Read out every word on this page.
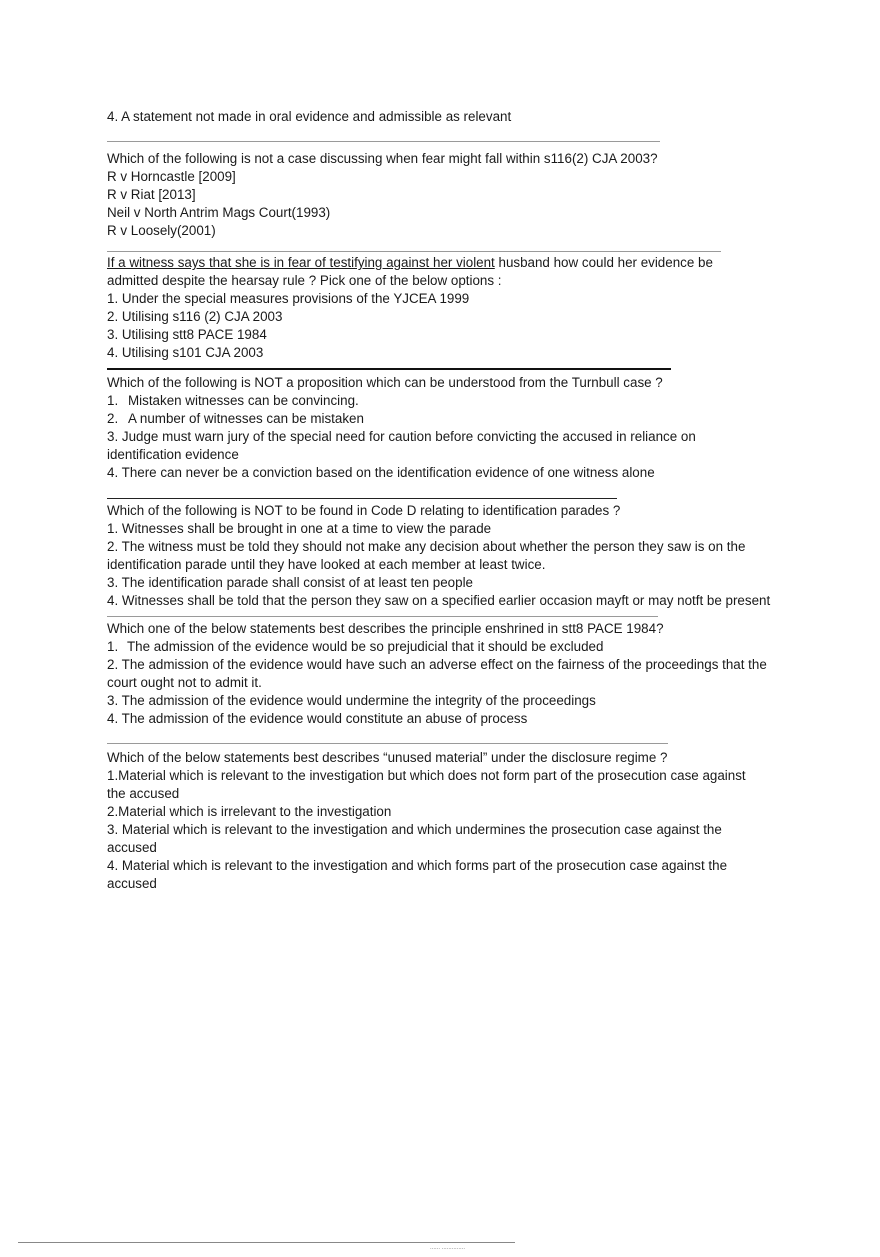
4. A statement not made in oral evidence and admissible as relevant
Which of the following is not a case discussing when fear might fall within s116(2) CJA 2003?
R v Horncastle [2009]
R v Riat [2013]
Neil v North Antrim Mags Court(1993)
R v Loosely(2001)
If a witness says that she is in fear of testifying against her violent husband how could her evidence be
admitted despite the hearsay rule ? Pick one of the below options :
1. Under the special measures provisions of the YJCEA 1999
2. Utilising s116 (2) CJA 2003
3. Utilising stt8 PACE 1984
4. Utilising s101 CJA 2003
Which of the following is NOT a proposition which can be understood from the Turnbull case ?
1. Mistaken witnesses can be convincing.
2. A number of witnesses can be mistaken
3. Judge must warn jury of the special need for caution before convicting the accused in reliance on
identification evidence
4. There can never be a conviction based on the identification evidence of one witness alone
Which of the following is NOT to be found in Code D relating to identification parades ?
1. Witnesses shall be brought in one at a time to view the parade
2. The witness must be told they should not make any decision about whether the person they saw is on the
identification parade until they have looked at each member at least twice.
3. The identification parade shall consist of at least ten people
4. Witnesses shall be told that the person they saw on a specified earlier occasion mayft or may notft be present
Which one of the below statements best describes the principle enshrined in stt8 PACE 1984?
1. The admission of the evidence would be so prejudicial that it should be excluded
2. The admission of the evidence would have such an adverse effect on the fairness of the proceedings that the
court ought not to admit it.
3. The admission of the evidence would undermine the integrity of the proceedings
4. The admission of the evidence would constitute an abuse of process
Which of the below statements best describes “unused material” under the disclosure regime ?
1.Material which is relevant to the investigation but which does not form part of the prosecution case against
the accused
2.Material which is irrelevant to the investigation
3. Material which is relevant to the investigation and which undermines the prosecution case against the
accused
4. Material which is relevant to the investigation and which forms part of the prosecution case against the
accused
...... ..............
